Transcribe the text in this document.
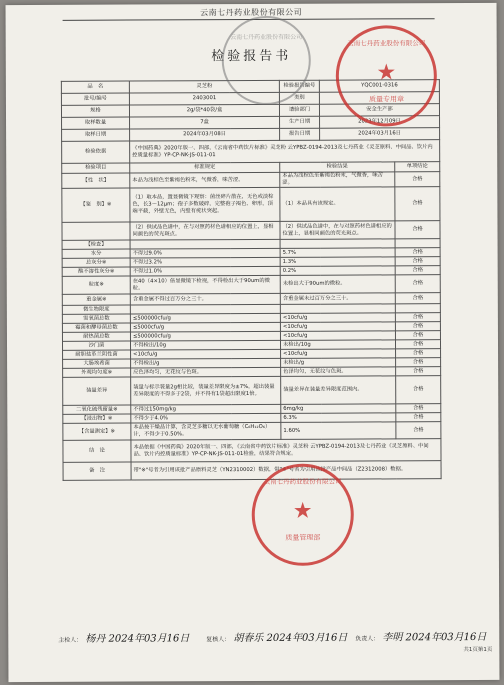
云南七丹药业股份有限公司
检验报告书
品　名	灵芝粉	检验报告编号	YQC001-0316	
批号/编号	2403001	类别		
规格	2g/袋*40袋/盒	请验部门	安全生产部	
取样数量	7盒	生产日期	2023年12月09日	
取样日期	2024年03月08日	报告日期	2024年03月16日	
检验依据	《中国药典》2020年版一、四部，《云南省中药饮片标准》灵芝粉 云YPBZ-0194-2013及七丹药业《灵芝原料、中间品、饮片内控质量标准》YP-CP-NK-JS-011-01			
检验项目	标准规定	检验结果		单项结论
【性　状】	本品为浅棕色至紫褐色粉末，气微香，味苦涩。	本品为浅棕色至紫褐色粉末，气微香，味苦涩。		合格
【鉴　别】※	（1）取本品，置显微镜下观察：菌丝碎片散在，无色或淡棕色，长3～12μm；孢子多数破碎，完整孢子褐色、卵形，顶端平截，外壁无色，内壁有疣状突起。	（1）本品具有该规定。		合格
	（2）供试品色谱中，在与对照药材色谱相应的位置上，显相同颜色的荧光斑点。	（2）供试品色谱中，在与对照药材色谱相应的位置上，显相同颜色的荧光斑点。		合格
【检查】				
水分	不得过9.0%	5.7%		合格
总灰分※	不得过3.2%	1.3%		合格
酸不溶性灰分※	不得过1.0%	0.2%		合格
粒度※	在40（4×10）倍显微镜下检视，不得检出大于90um的微粒。	未检出大于90um的微粒。		合格
重金属※	含重金属不得过百万分之三十。	含重金属未过百万分之三十。		合格
微生物限度				
需氧菌总数	≤500000cfu/g	<10cfu/g		合格
霉菌和酵母菌总数	≤5000cfu/g	<10cfu/g		合格
耐热菌总数	≤500000cfu/g	<10cfu/g		合格
沙门菌	不得检出/10g	未检出/10g		合格
耐胆盐革兰阴性菌	<10cfu/g	<10cfu/g		合格
大肠埃希菌	不得检出/g	未检出/g		合格
外观均匀度※	应色泽均匀，无花纹与色斑。	色泽均匀，无花纹与色斑。		合格
装量差异	装量与标示装量2g相比较，装量差异限度为±7%，超出装量差异限度的不得多于2袋，并不得有1袋超出限度1倍。	装量差异在装量差异限度范围内。		合格
二氧化硫残留量※	不得过150mg/kg	6mg/kg		合格
【浸出物】※	不得少于4.0%	6.3%		合格
【含量测定】※	本品按干燥品计算，含灵芝多糖以无水葡萄糖（C₆H₁₂O₆）计，不得少于0.50%。	1.60%		合格
结　论	本品依据《中国药典》2020年版一、四部，《云南省中药饮片标准》灵芝粉 云YPBZ-0194-2013及七丹药业《灵芝原料、中间品、饮片内控质量标准》YP-CP-NK-JS-011-01检验，结果符合规定。			
备　注	带"※"号者为引用该批产品原料灵芝（YN2310002）数据，带"※"号者为引用该批产品中间品（Z2312008）数据。			
主检人： 杨丹 2024年03月16日	复核人： 胡春乐 2024年03月16日 负责人： 李明 2024年03月16日
共1页第1页
云南七丹药业股份有限公司
云南七丹药业股份有限公司
★
质量专用章
云南七丹药业股份有限公司
★
质量管理部
